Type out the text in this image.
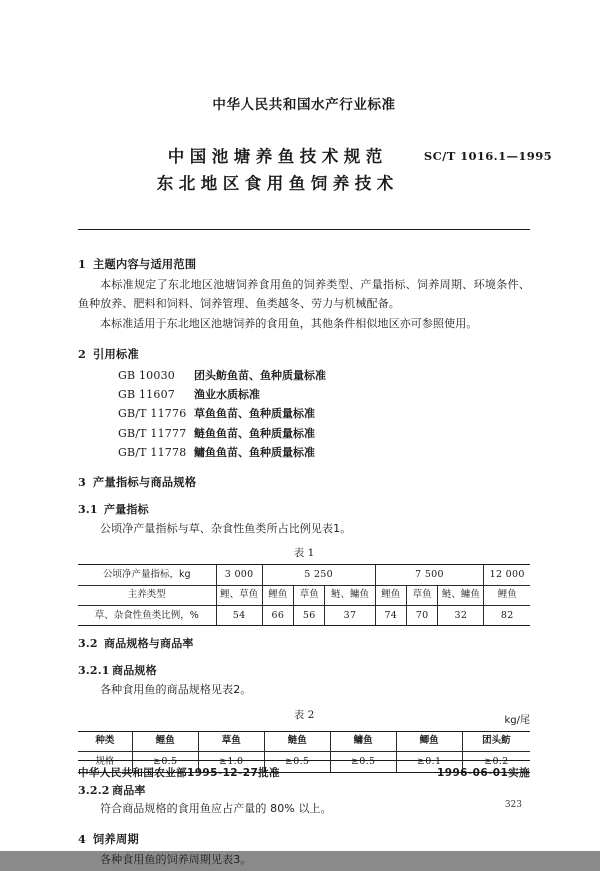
中华人民共和国水产行业标准
中国池塘养鱼技术规范
东北地区食用鱼饲养技术
SC/T 1016.1—1995
1 主题内容与适用范围

本标准规定了东北地区池塘饲养食用鱼的饲养类型、产量指标、饲养周期、环境条件、鱼种放养、肥料和饲料、饲养管理、鱼类越冬、劳力与机械配备。

本标准适用于东北地区池塘饲养的食用鱼，其他条件相似地区亦可参照使用。

2 引用标准
GB 10030 团头鲂鱼苗、鱼种质量标准
GB 11607 渔业水质标准
GB/T 11776 草鱼鱼苗、鱼种质量标准
GB/T 11777 鲢鱼鱼苗、鱼种质量标准
GB/T 11778 鳙鱼鱼苗、鱼种质量标准
3 产量指标与商品规格
3.1 产量指标

公顷净产量指标与草、杂食性鱼类所占比例见表1。

表 1
公顷净产量指标，kg	3 000	5 250			7 500			12 000
主养类型	鲤、草鱼	鲤鱼	草鱼	鲢、鳙鱼	鲤鱼	草鱼	鲢、鳙鱼	鲤鱼
草、杂食性鱼类比例，%	54	66	56	37	74	70	32	82
3.2 商品规格与商品率
3.2.1 商品规格

各种食用鱼的商品规格见表2。

表 2	kg/尾
种类	鲤鱼	草鱼	鲢鱼	鳙鱼	鲫鱼	团头鲂
规格	≥0.5	≥1.0	≥0.5	≥0.5	≥0.1	≥0.2
3.2.2 商品率

符合商品规格的食用鱼应占产量的 80% 以上。

4 饲养周期

各种食用鱼的饲养周期见表3。

中华人民共和国农业部1995-12-27批准	1996-06-01实施
323
